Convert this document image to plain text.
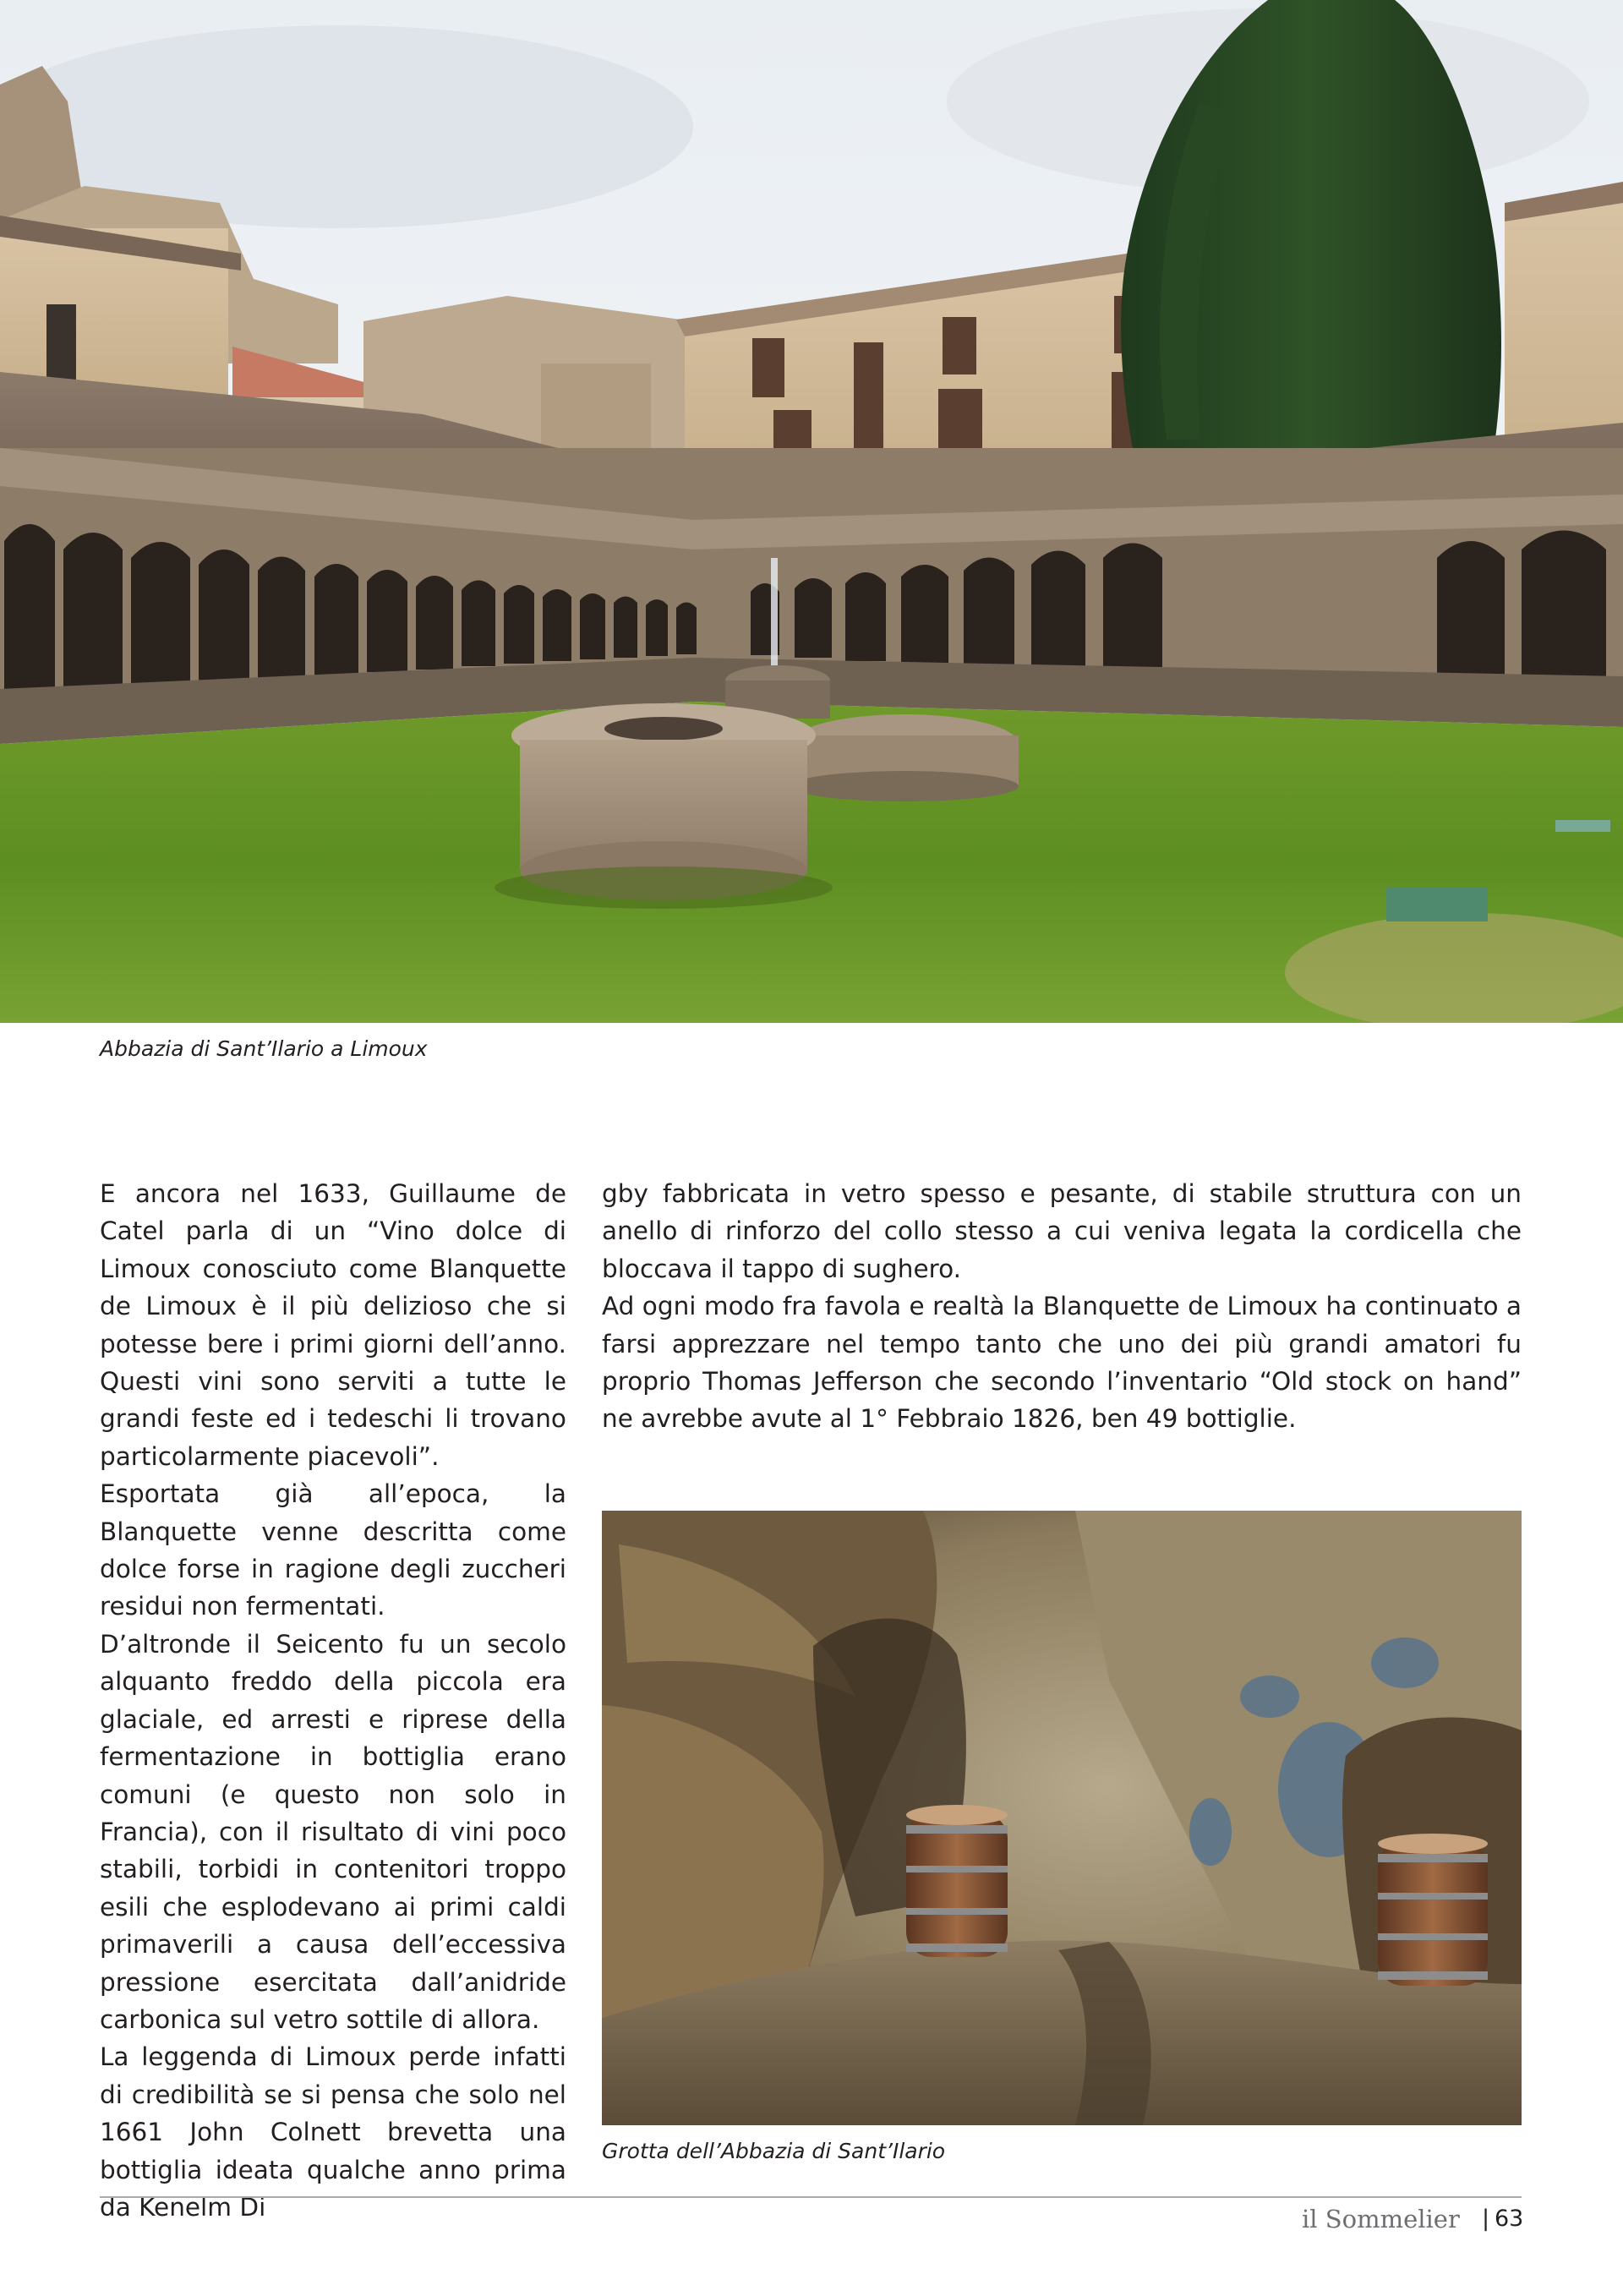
Abbazia di Sant’Ilario a Limoux

E ancora nel 1633, Guillaume de Catel parla di un “Vino dolce di Limoux conosciuto come Blanquette de Limoux è il più delizioso che si potesse bere i primi giorni dell’anno. Questi vini sono serviti a tutte le grandi feste ed i tedeschi li trovano particolarmente piacevoli”.

Esportata già all’epoca, la Blanquette venne descritta come dolce forse in ragione degli zuccheri residui non fermentati.

D’altronde il Seicento fu un secolo alquanto freddo della piccola era glaciale, ed arresti e riprese della fermentazione in bottiglia erano comuni (e questo non solo in Francia), con il risultato di vini poco stabili, torbidi in contenitori troppo esili che esplodevano ai primi caldi primaverili a causa dell’eccessiva pressione esercitata dall’anidride carbonica sul vetro sottile di allora.

La leggenda di Limoux perde infatti di credibilità se si pensa che solo nel 1661 John Colnett brevetta una bottiglia ideata qualche anno prima da Kenelm Di

gby fabbricata in vetro spesso e pesante, di stabile struttura con un anello di rinforzo del collo stesso a cui veniva legata la cordicella che bloccava il tappo di sughero.

Ad ogni modo fra favola e realtà la Blanquette de Limoux ha continuato a farsi apprezzare nel tempo tanto che uno dei più grandi amatori fu proprio Thomas Jefferson che secondo l’inventario “Old stock on hand” ne avrebbe avute al 1° Febbraio 1826, ben 49 bottiglie.

Grotta dell’Abbazia di Sant’Ilario
il Sommelier | 63
